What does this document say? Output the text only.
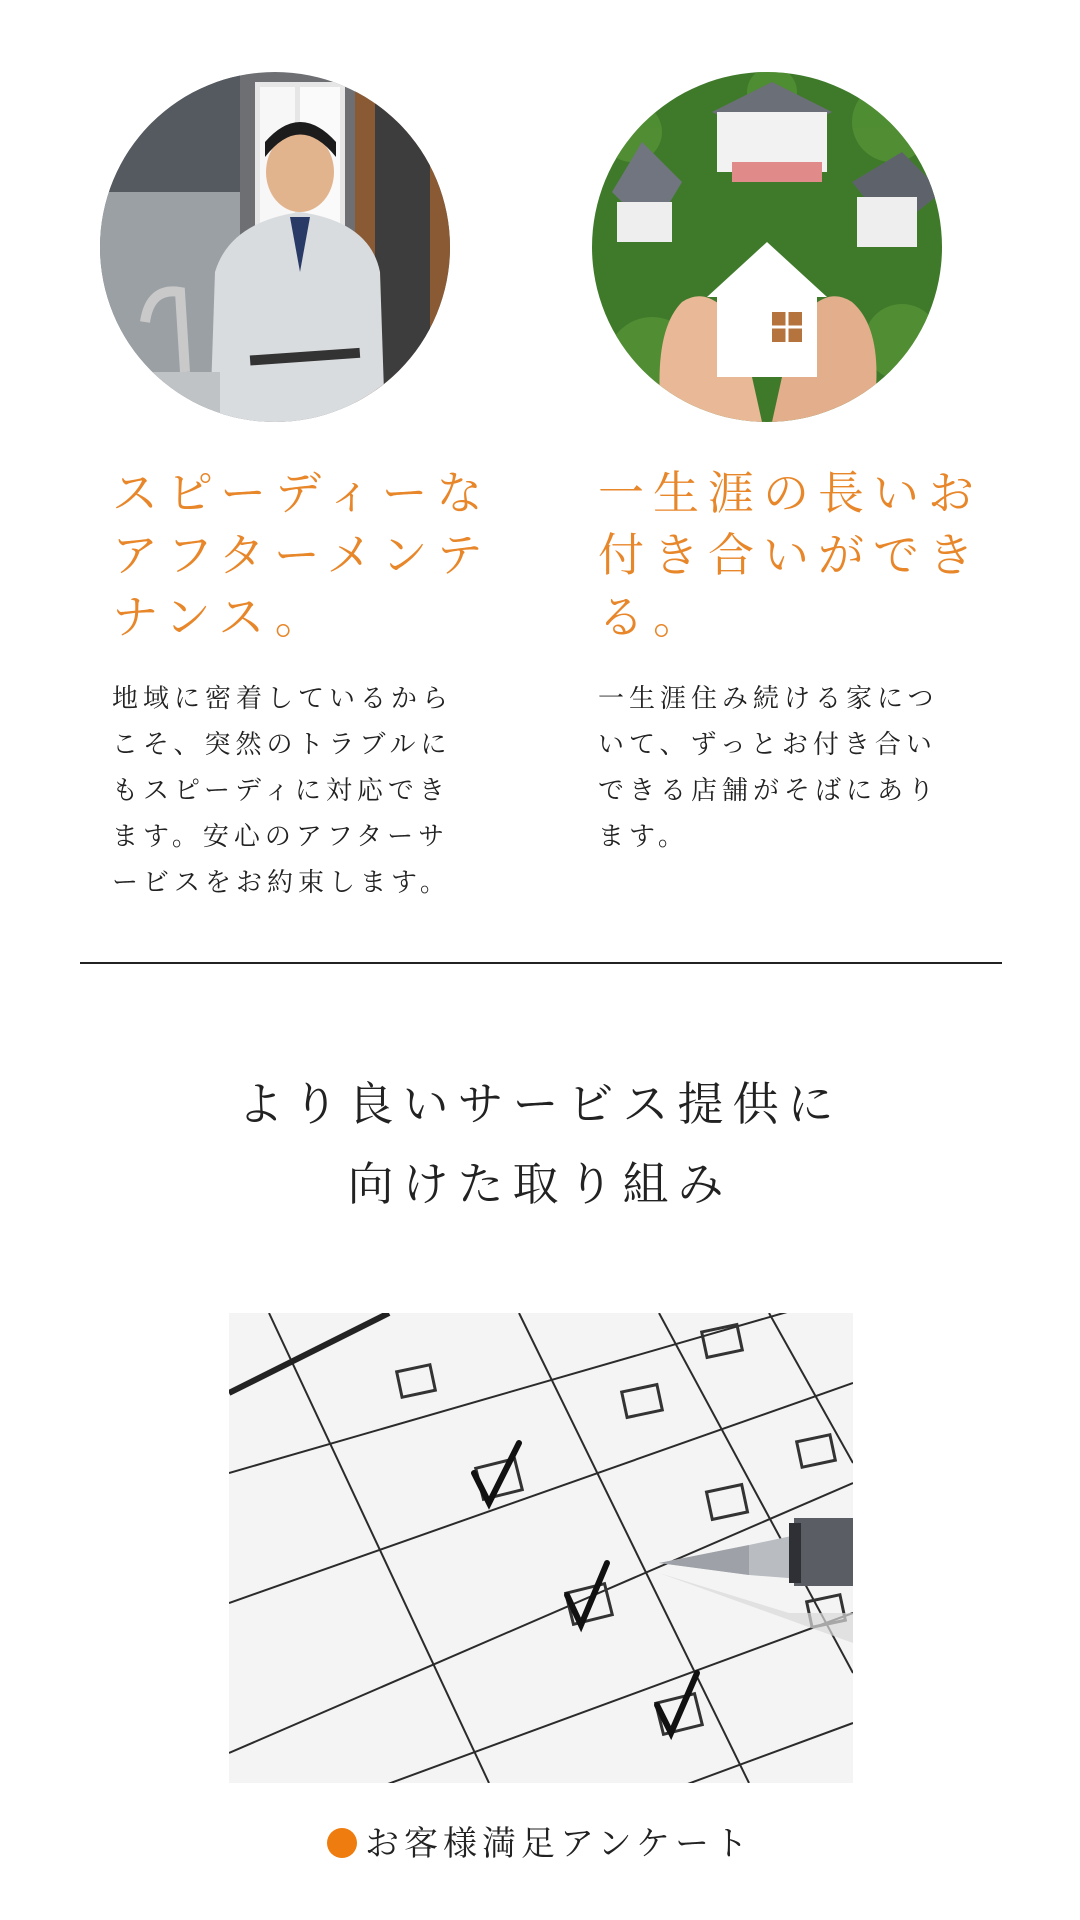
スピーディーな
アフターメンテ
ナンス。
地域に密着しているから
こそ、突然のトラブルに
もスピーディに対応でき
ます。安心のアフターサ
ービスをお約束します。
一生涯の長いお
付き合いができ
る。
一生涯住み続ける家につ
いて、ずっとお付き合い
できる店舗がそばにあり
ます。
より良いサービス提供に
向けた取り組み
お客様満足アンケート
